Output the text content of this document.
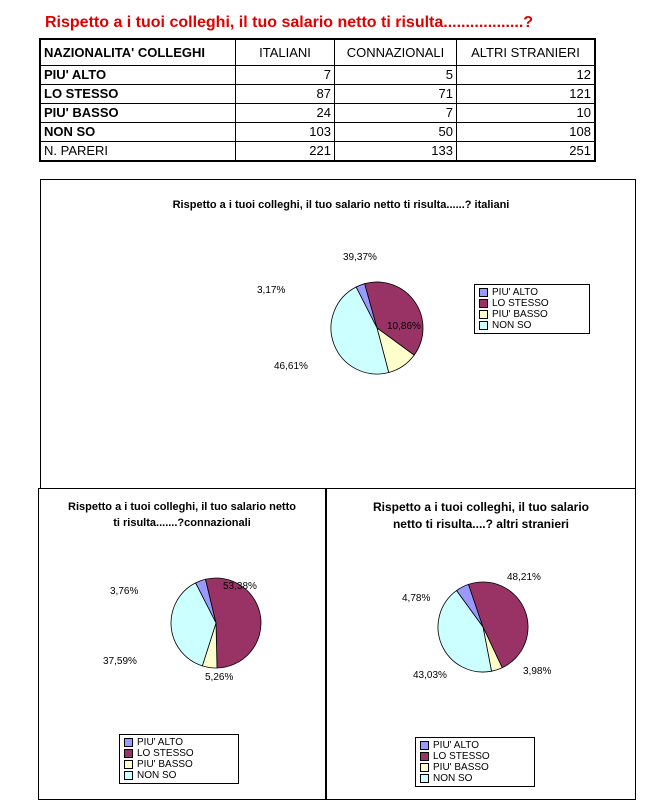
Rispetto a i tuoi colleghi, il tuo salario netto ti risulta..................?
NAZIONALITA' COLLEGHI	ITALIANI	CONNAZIONALI	ALTRI STRANIERI
PIU' ALTO	7	5	12
LO STESSO	87	71	121
PIU' BASSO	24	7	10
NON SO	103	50	108
N. PARERI	221	133	251
Rispetto a i tuoi colleghi, il tuo salario netto ti risulta......? italiani
3,17%
39,37%
10,86%
46,61%
PIU' ALTO
LO STESSO
PIU' BASSO
NON SO
Rispetto a i tuoi colleghi, il tuo salario netto ti risulta.......?connazionali
3,76%	53,38%
5,26%
37,59%
PIU' ALTO
LO STESSO
PIU' BASSO
NON SO
Rispetto a i tuoi colleghi, il tuo salario netto ti risulta....? altri stranieri
4,78%
48,21%
3,98%
43,03%
PIU' ALTO
LO STESSO
PIU' BASSO
NON SO
